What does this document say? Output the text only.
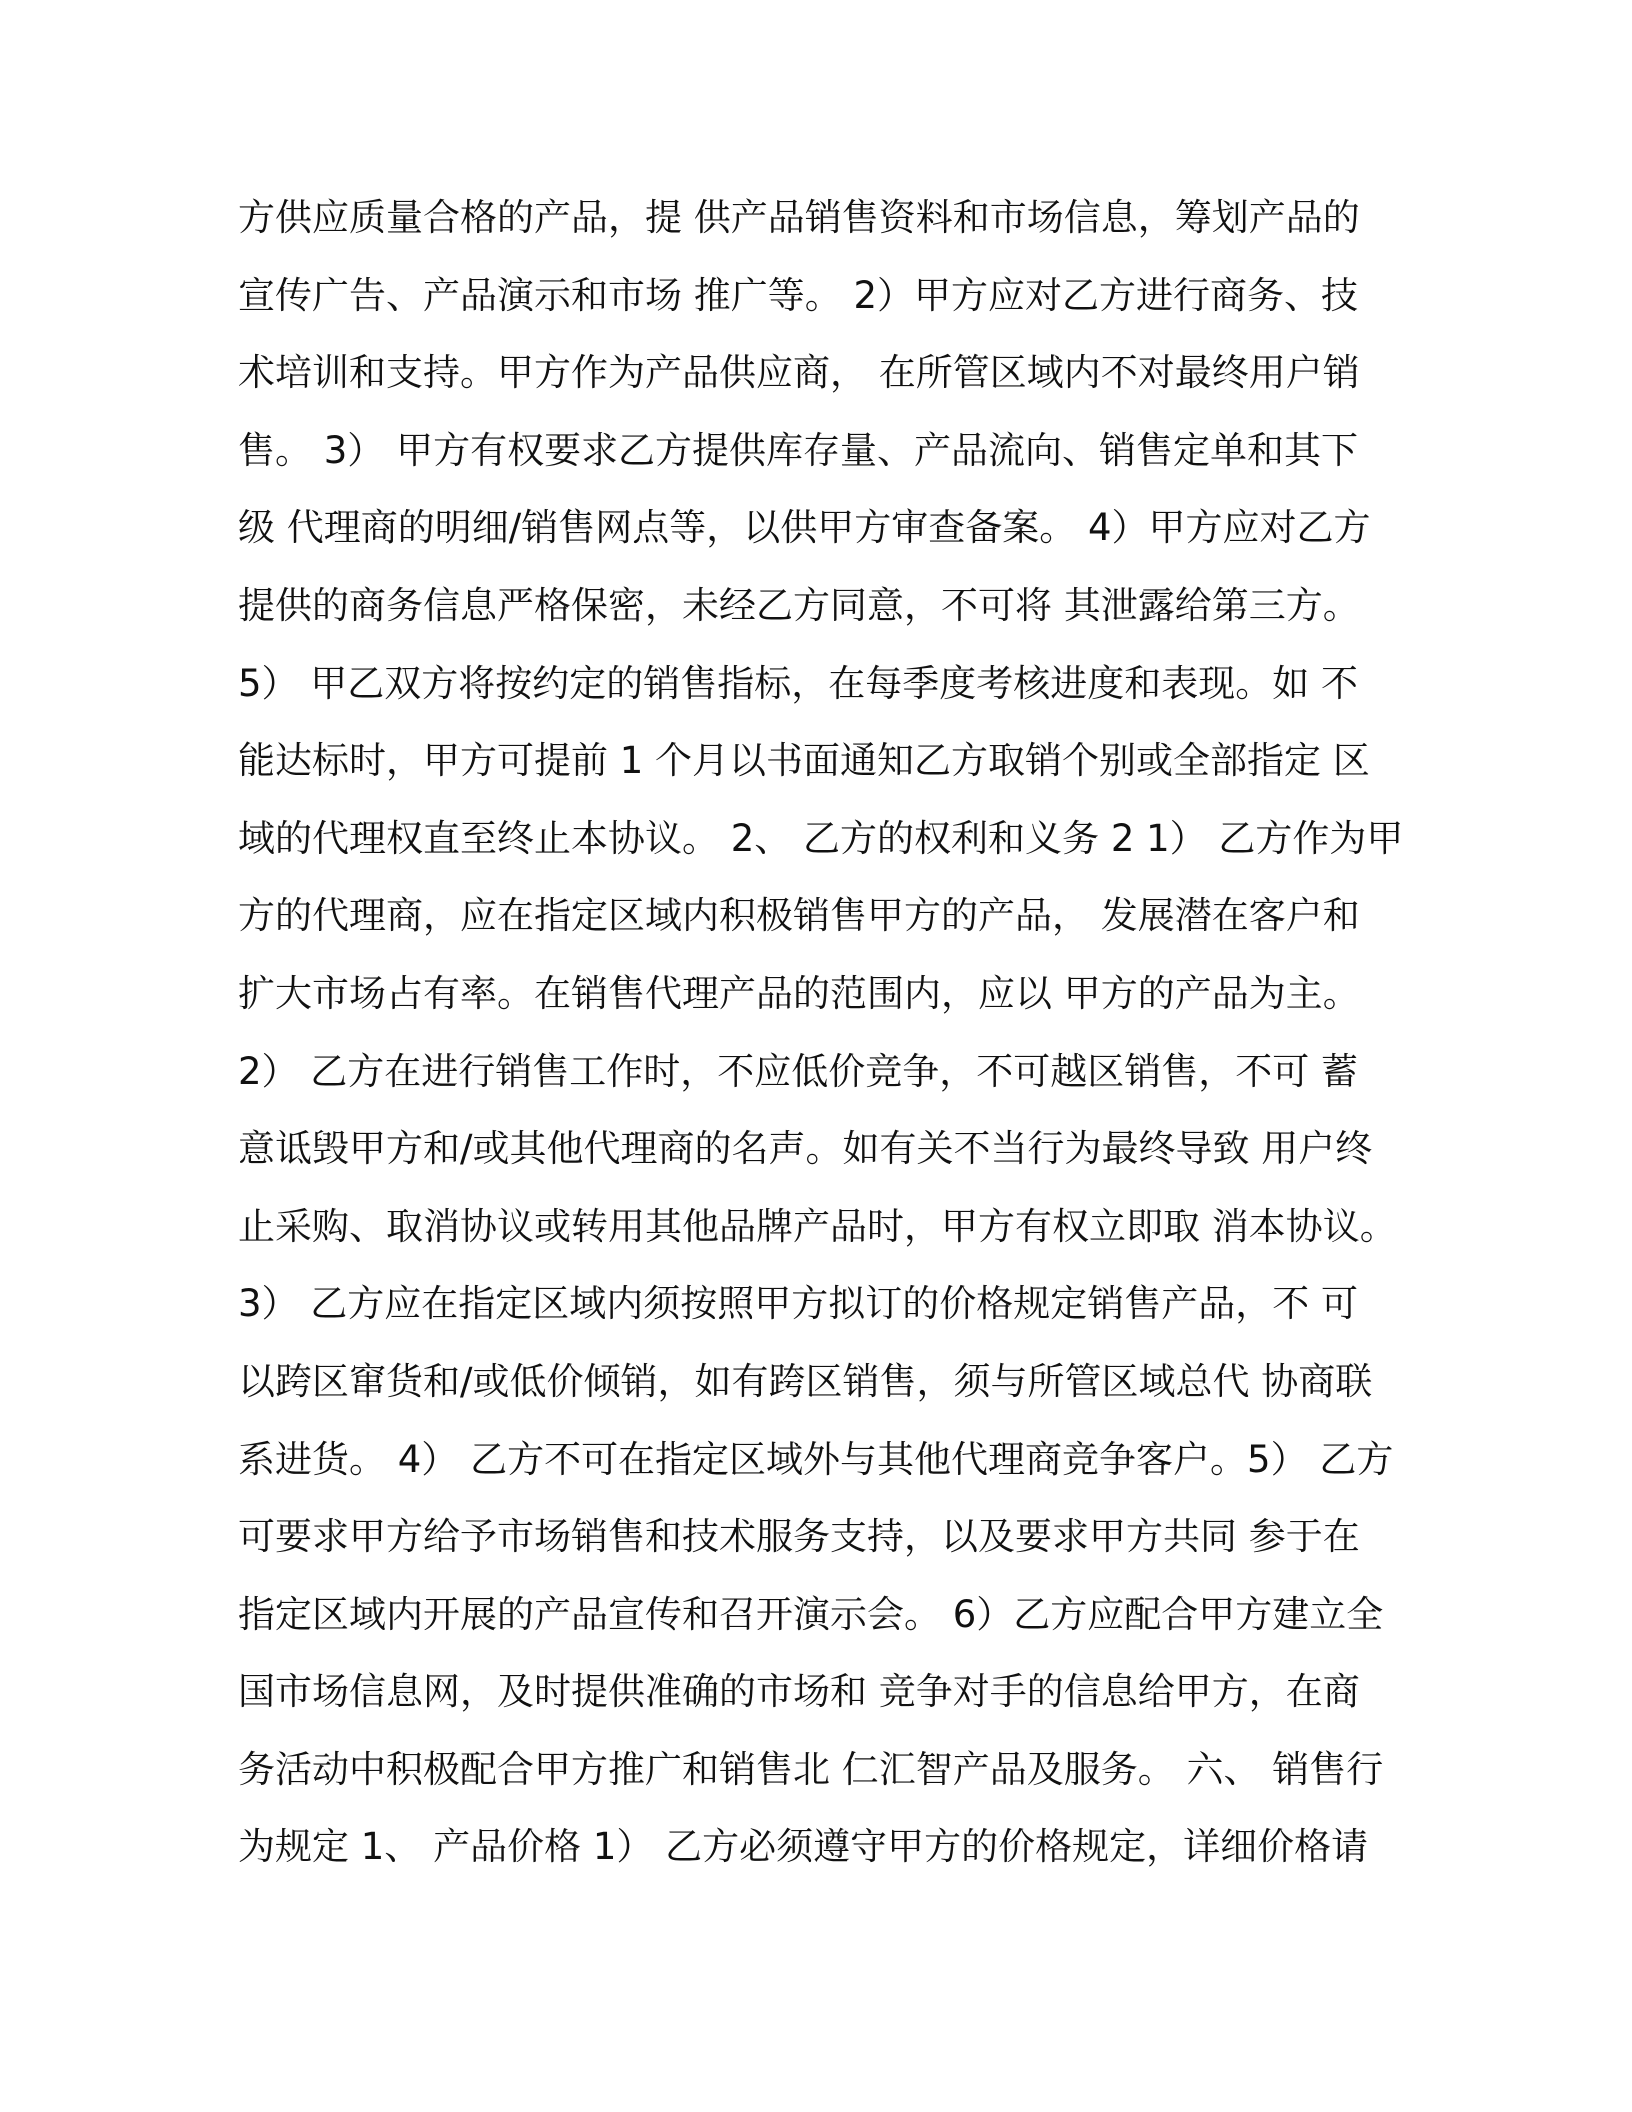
方供应质量合格的产品，提 供产品销售资料和市场信息，筹划产品的
宣传广告、产品演示和市场 推广等。 2）甲方应对乙方进行商务、技
术培训和支持。甲方作为产品供应商， 在所管区域内不对最终用户销
售。 3） 甲方有权要求乙方提供库存量、产品流向、销售定单和其下
级 代理商的明细/销售网点等，以供甲方审查备案。 4）甲方应对乙方
提供的商务信息严格保密，未经乙方同意，不可将 其泄露给第三方。
5） 甲乙双方将按约定的销售指标，在每季度考核进度和表现。如 不
能达标时，甲方可提前 1 个月以书面通知乙方取销个别或全部指定 区
域的代理权直至终止本协议。 2、 乙方的权利和义务 2 1） 乙方作为甲
方的代理商，应在指定区域内积极销售甲方的产品， 发展潜在客户和
扩大市场占有率。在销售代理产品的范围内，应以 甲方的产品为主。
2） 乙方在进行销售工作时，不应低价竞争，不可越区销售，不可 蓄
意诋毁甲方和/或其他代理商的名声。如有关不当行为最终导致 用户终
止采购、取消协议或转用其他品牌产品时，甲方有权立即取 消本协议。
3） 乙方应在指定区域内须按照甲方拟订的价格规定销售产品，不 可
以跨区窜货和/或低价倾销，如有跨区销售，须与所管区域总代 协商联
系进货。 4） 乙方不可在指定区域外与其他代理商竞争客户。5） 乙方
可要求甲方给予市场销售和技术服务支持，以及要求甲方共同 参于在
指定区域内开展的产品宣传和召开演示会。 6）乙方应配合甲方建立全
国市场信息网，及时提供准确的市场和 竞争对手的信息给甲方，在商
务活动中积极配合甲方推广和销售北 仁汇智产品及服务。 六、 销售行
为规定 1、 产品价格 1） 乙方必须遵守甲方的价格规定，详细价格请
